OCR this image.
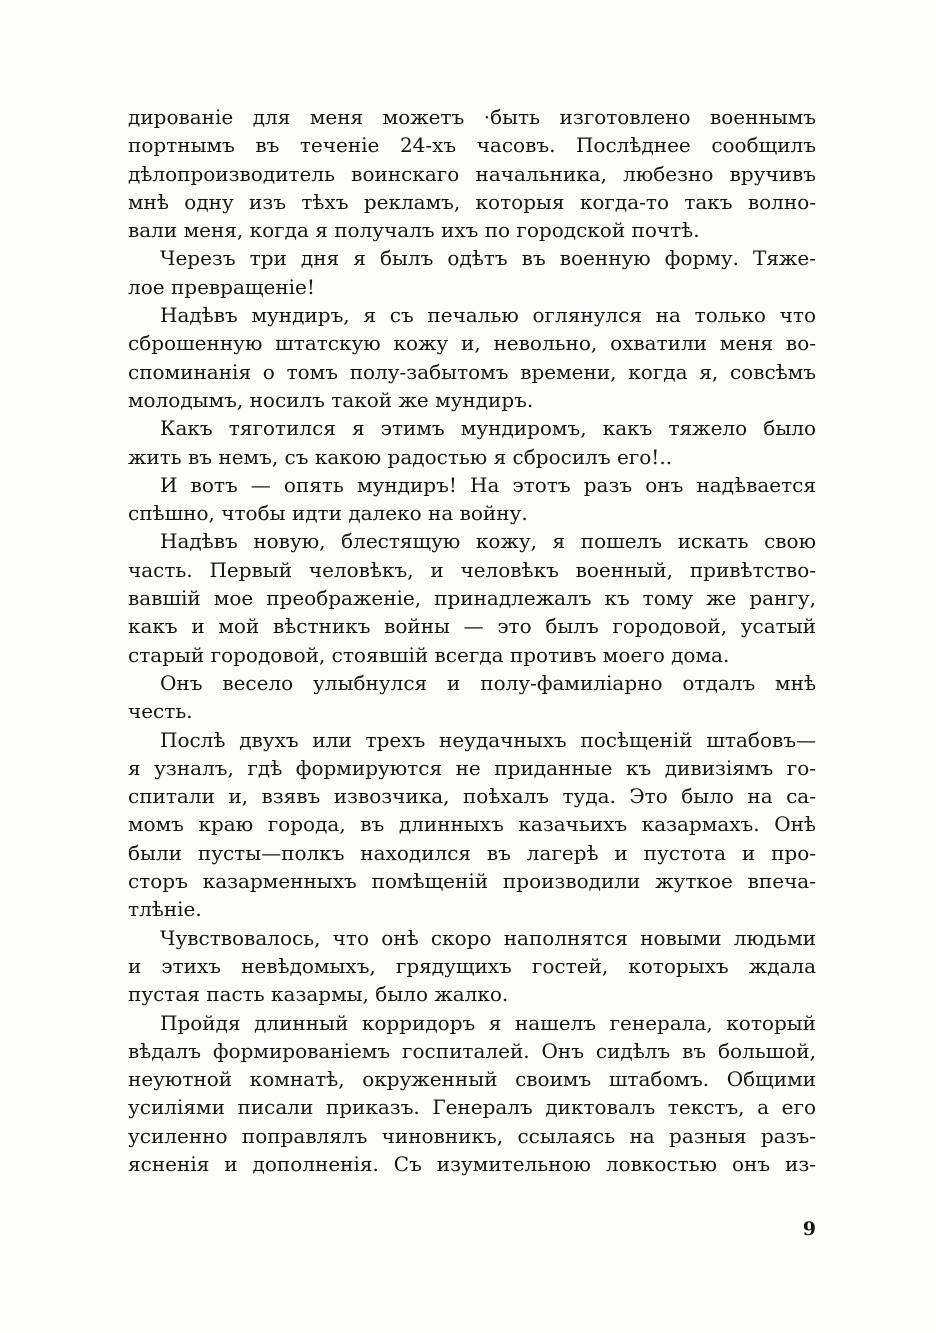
дированіе для меня можетъ ·быть изготовлено военнымъ
портнымъ въ теченіе 24-хъ часовъ. Послѣднее сообщилъ
дѣлопроизводитель воинскаго начальника, любезно вручивъ
мнѣ одну изъ тѣхъ рекламъ, которыя когда-то такъ волно-
вали меня, когда я получалъ ихъ по городской почтѣ.
Черезъ три дня я былъ одѣтъ въ военную форму. Тяже-
лое превращеніе!
Надѣвъ мундиръ, я съ печалью оглянулся на только что
сброшенную штатскую кожу и, невольно, охватили меня во-
споминанія о томъ полу-забытомъ времени, когда я, совсѣмъ
молодымъ, носилъ такой же мундиръ.
Какъ тяготился я этимъ мундиромъ, какъ тяжело было
жить въ немъ, съ какою радостью я сбросилъ его!..
И вотъ — опять мундиръ! На этотъ разъ онъ надѣвается
спѣшно, чтобы идти далеко на войну.
Надѣвъ новую, блестящую кожу, я пошелъ искать свою
часть. Первый человѣкъ, и человѣкъ военный, привѣтство-
вавшій мое преображеніе, принадлежалъ къ тому же рангу,
какъ и мой вѣстникъ войны — это былъ городовой, усатый
старый городовой, стоявшій всегда противъ моего дома.
Онъ весело улыбнулся и полу-фамиліарно отдалъ мнѣ
честь.
Послѣ двухъ или трехъ неудачныхъ посѣщеній штабовъ—
я узналъ, гдѣ формируются не приданные къ дивизіямъ го-
спитали и, взявъ извозчика, поѣхалъ туда. Это было на са-
момъ краю города, въ длинныхъ казачьихъ казармахъ. Онѣ
были пусты—полкъ находился въ лагерѣ и пустота и про-
сторъ казарменныхъ помѣщеній производили жуткое впеча-
тлѣніе.
Чувствовалось, что онѣ скоро наполнятся новыми людьми
и этихъ невѣдомыхъ, грядущихъ гостей, которыхъ ждала
пустая пасть казармы, было жалко.
Пройдя длинный корридоръ я нашелъ генерала, который
вѣдалъ формированіемъ госпиталей. Онъ сидѣлъ въ большой,
неуютной комнатѣ, окруженный своимъ штабомъ. Общими
усиліями писали приказъ. Генералъ диктовалъ текстъ, а его
усиленно поправлялъ чиновникъ, ссылаясь на разныя разъ-
ясненія и дополненія. Съ изумительною ловкостью онъ из-
9
